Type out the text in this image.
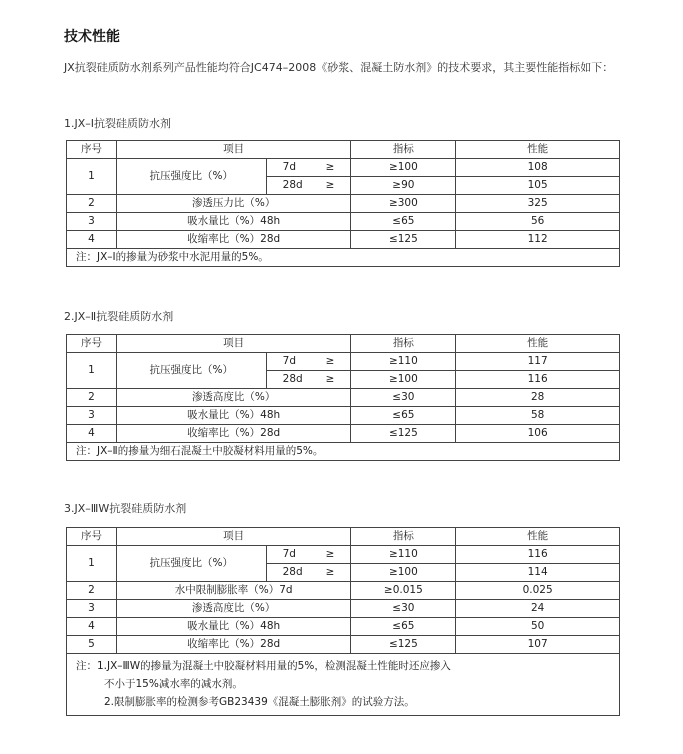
技术性能
JX抗裂硅质防水剂系列产品性能均符合JC474–2008《砂浆、混凝土防水剂》的技术要求，其主要性能指标如下：
1.JX–Ⅰ抗裂硅质防水剂
序号	项目		指标	性能
1	抗压强度比（%）	7d ≥	≥100	108

		28d ≥	≥90	105
2	渗透压力比（%）		≥300	325
3	吸水量比（%）48h		≤65	56
4	收缩率比（%）28d		≤125	112
注：JX–Ⅰ的掺量为砂浆中水泥用量的5%。				
2.JX–Ⅱ抗裂硅质防水剂
序号	项目		指标	性能
1	抗压强度比（%）	7d ≥	≥110	117

		28d ≥	≥100	116
2	渗透高度比（%）		≤30	28
3	吸水量比（%）48h		≤65	58
4	收缩率比（%）28d		≤125	106
注：JX–Ⅱ的掺量为细石混凝土中胶凝材料用量的5%。				
3.JX–ⅢW抗裂硅质防水剂
序号	项目		指标	性能
1	抗压强度比（%）	7d ≥	≥110	116

		28d ≥	≥100	114
2	水中限制膨胀率（%）7d		≥0.015	0.025
3	渗透高度比（%）		≤30	24
4	吸水量比（%）48h		≤65	50
5	收缩率比（%）28d		≤125	107

注：1.JX–ⅢW的掺量为混凝土中胶凝材料用量的5%，检测混凝土性能时还应掺入
不小于15%减水率的减水剂。
2.限制膨胀率的检测参考GB23439《混凝土膨胀剂》的试验方法。				
